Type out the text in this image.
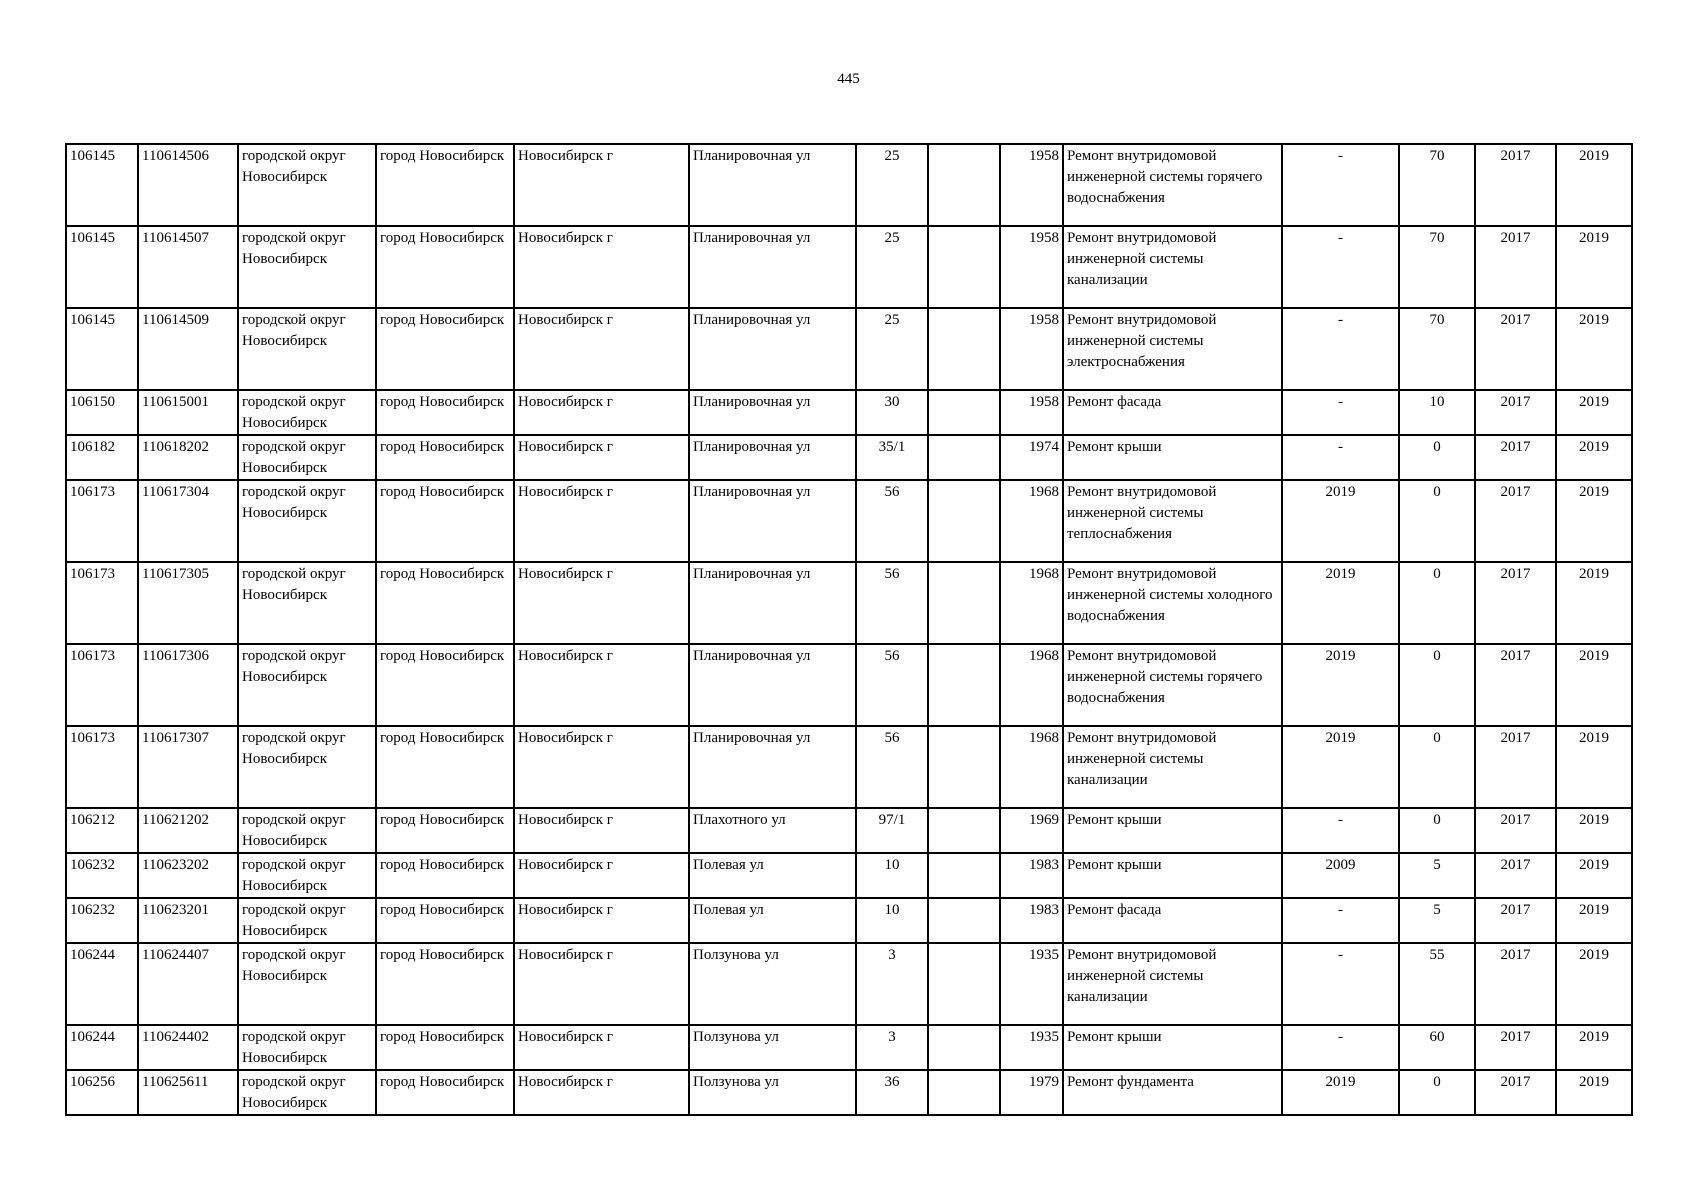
445
106145	110614506	городской округ Новосибирск	город Новосибирск	Новосибирск г	Планировочная ул	25		1958	Ремонт внутридомовой инженерной системы горячего водоснабжения	-	70	2017	2019
106145	110614507	городской округ Новосибирск	город Новосибирск	Новосибирск г	Планировочная ул	25		1958	Ремонт внутридомовой инженерной системы канализации	-	70	2017	2019
106145	110614509	городской округ Новосибирск	город Новосибирск	Новосибирск г	Планировочная ул	25		1958	Ремонт внутридомовой инженерной системы электроснабжения	-	70	2017	2019
106150	110615001	городской округ Новосибирск	город Новосибирск	Новосибирск г	Планировочная ул	30		1958	Ремонт фасада	-	10	2017	2019
106182	110618202	городской округ Новосибирск	город Новосибирск	Новосибирск г	Планировочная ул	35/1		1974	Ремонт крыши	-	0	2017	2019
106173	110617304	городской округ Новосибирск	город Новосибирск	Новосибирск г	Планировочная ул	56		1968	Ремонт внутридомовой инженерной системы теплоснабжения	2019	0	2017	2019
106173	110617305	городской округ Новосибирск	город Новосибирск	Новосибирск г	Планировочная ул	56		1968	Ремонт внутридомовой инженерной системы холодного водоснабжения	2019	0	2017	2019
106173	110617306	городской округ Новосибирск	город Новосибирск	Новосибирск г	Планировочная ул	56		1968	Ремонт внутридомовой инженерной системы горячего водоснабжения	2019	0	2017	2019
106173	110617307	городской округ Новосибирск	город Новосибирск	Новосибирск г	Планировочная ул	56		1968	Ремонт внутридомовой инженерной системы канализации	2019	0	2017	2019
106212	110621202	городской округ Новосибирск	город Новосибирск	Новосибирск г	Плахотного ул	97/1		1969	Ремонт крыши	-	0	2017	2019
106232	110623202	городской округ Новосибирск	город Новосибирск	Новосибирск г	Полевая ул	10		1983	Ремонт крыши	2009	5	2017	2019
106232	110623201	городской округ Новосибирск	город Новосибирск	Новосибирск г	Полевая ул	10		1983	Ремонт фасада	-	5	2017	2019
106244	110624407	городской округ Новосибирск	город Новосибирск	Новосибирск г	Ползунова ул	3		1935	Ремонт внутридомовой инженерной системы канализации	-	55	2017	2019
106244	110624402	городской округ Новосибирск	город Новосибирск	Новосибирск г	Ползунова ул	3		1935	Ремонт крыши	-	60	2017	2019
106256	110625611	городской округ Новосибирск	город Новосибирск	Новосибирск г	Ползунова ул	36		1979	Ремонт фундамента	2019	0	2017	2019
